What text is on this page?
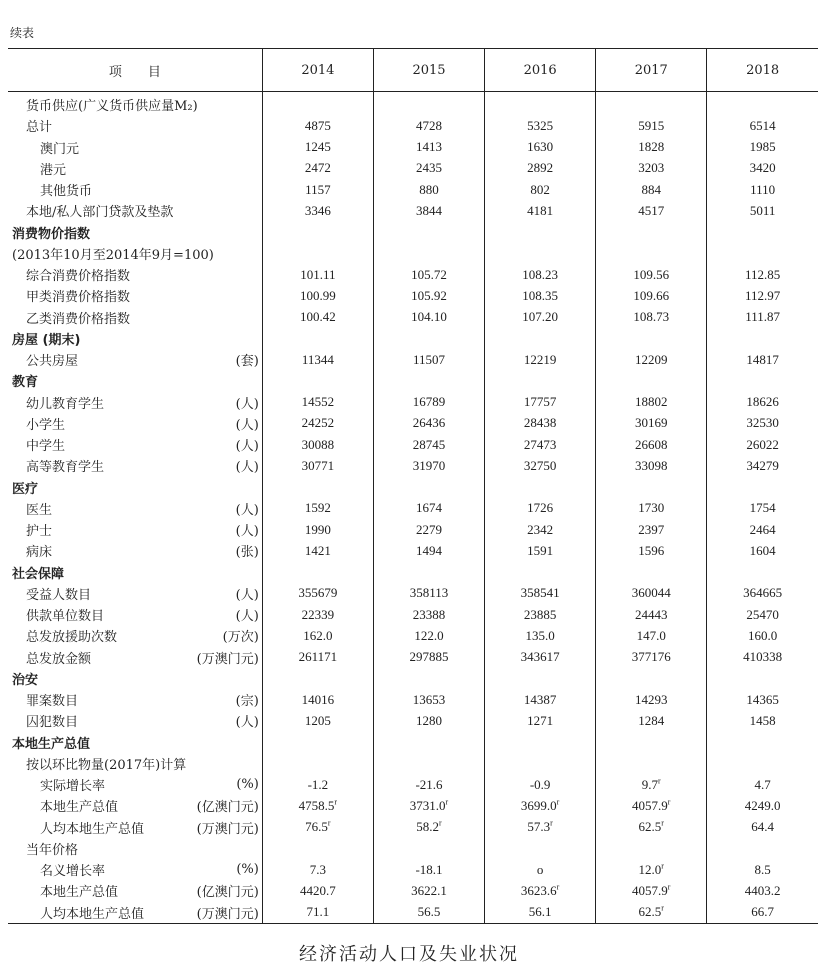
续表
项　　目	2014	2015	2016	2017	2018

货币供应(广义货币供应量M₂)					

总计	4875	4728	5325	5915	6514

澳门元	1245	1413	1630	1828	1985

港元	2472	2435	2892	3203	3420

其他货币	1157	880	802	884	1110

本地/私人部门贷款及垫款	3346	3844	4181	4517	5011

消费物价指数					

(2013年10月至2014年9月=100)					

综合消费价格指数	101.11	105.72	108.23	109.56	112.85

甲类消费价格指数	100.99	105.92	108.35	109.66	112.97

乙类消费价格指数	100.42	104.10	107.20	108.73	111.87

房屋 (期末)					

公共房屋 (套)	11344	11507	12219	12209	14817

教育					

幼儿教育学生 (人)	14552	16789	17757	18802	18626

小学生 (人)	24252	26436	28438	30169	32530

中学生 (人)	30088	28745	27473	26608	26022

高等教育学生 (人)	30771	31970	32750	33098	34279

医疗					

医生 (人)	1592	1674	1726	1730	1754

护士 (人)	1990	2279	2342	2397	2464

病床 (张)	1421	1494	1591	1596	1604

社会保障					

受益人数目 (人)	355679	358113	358541	360044	364665

供款单位数目 (人)	22339	23388	23885	24443	25470

总发放援助次数 (万次)	162.0	122.0	135.0	147.0	160.0

总发放金额 (万澳门元)	261171	297885	343617	377176	410338

治安					

罪案数目 (宗)	14016	13653	14387	14293	14365

囚犯数目 (人)	1205	1280	1271	1284	1458

本地生产总值					

按以环比物量(2017年)计算					

实际增长率 (%)	-1.2	-21.6	-0.9	9.7$^r$	4.7

本地生产总值 (亿澳门元)	4758.5$^r$	3731.0$^r$	3699.0$^r$	4057.9$^r$	4249.0

人均本地生产总值 (万澳门元)	76.5$^r$	58.2$^r$	57.3$^r$	62.5$^r$	64.4

当年价格					

名义增长率 (%)	7.3	-18.1	o	12.0$^r$	8.5

本地生产总值 (亿澳门元)	4420.7	3622.1	3623.6$^r$	4057.9$^r$	4403.2

人均本地生产总值 (万澳门元)	71.1	56.5	56.1	62.5$^r$	66.7
经济活动人口及失业状况
